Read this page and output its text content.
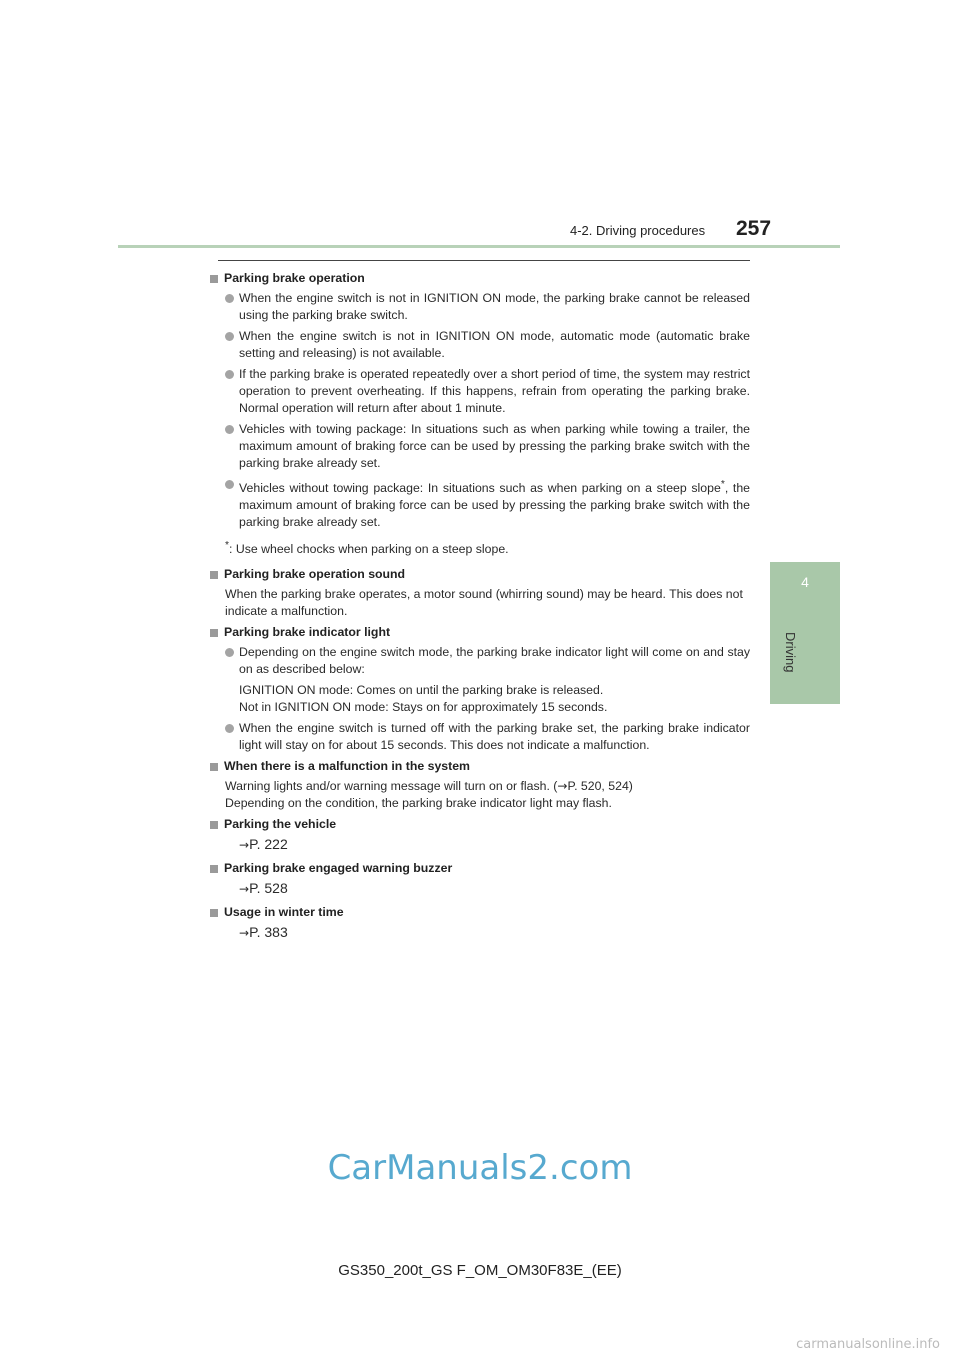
4-2. Driving procedures 257
4
Driving
Parking brake operation
When the engine switch is not in IGNITION ON mode, the parking brake cannot be released using the parking brake switch.
When the engine switch is not in IGNITION ON mode, automatic mode (automatic brake setting and releasing) is not available.
If the parking brake is operated repeatedly over a short period of time, the system may restrict operation to prevent overheating. If this happens, refrain from operating the parking brake. Normal operation will return after about 1 minute.
Vehicles with towing package: In situations such as when parking while towing a trailer, the maximum amount of braking force can be used by pressing the parking brake switch with the parking brake already set.
Vehicles without towing package: In situations such as when parking on a steep slope*, the maximum amount of braking force can be used by pressing the parking brake switch with the parking brake already set.
*: Use wheel chocks when parking on a steep slope.
Parking brake operation sound
When the parking brake operates, a motor sound (whirring sound) may be heard. This does not indicate a malfunction.
Parking brake indicator light
Depending on the engine switch mode, the parking brake indicator light will come on and stay on as described below:
IGNITION ON mode: Comes on until the parking brake is released.
Not in IGNITION ON mode: Stays on for approximately 15 seconds.
When the engine switch is turned off with the parking brake set, the parking brake indicator light will stay on for about 15 seconds. This does not indicate a malfunction.
When there is a malfunction in the system
Warning lights and/or warning message will turn on or flash. (→P. 520, 524)
Depending on the condition, the parking brake indicator light may flash.
Parking the vehicle
→P. 222
Parking brake engaged warning buzzer
→P. 528
Usage in winter time
→P. 383
CarManuals2.com
GS350_200t_GS F_OM_OM30F83E_(EE)
carmanualsonline.info
